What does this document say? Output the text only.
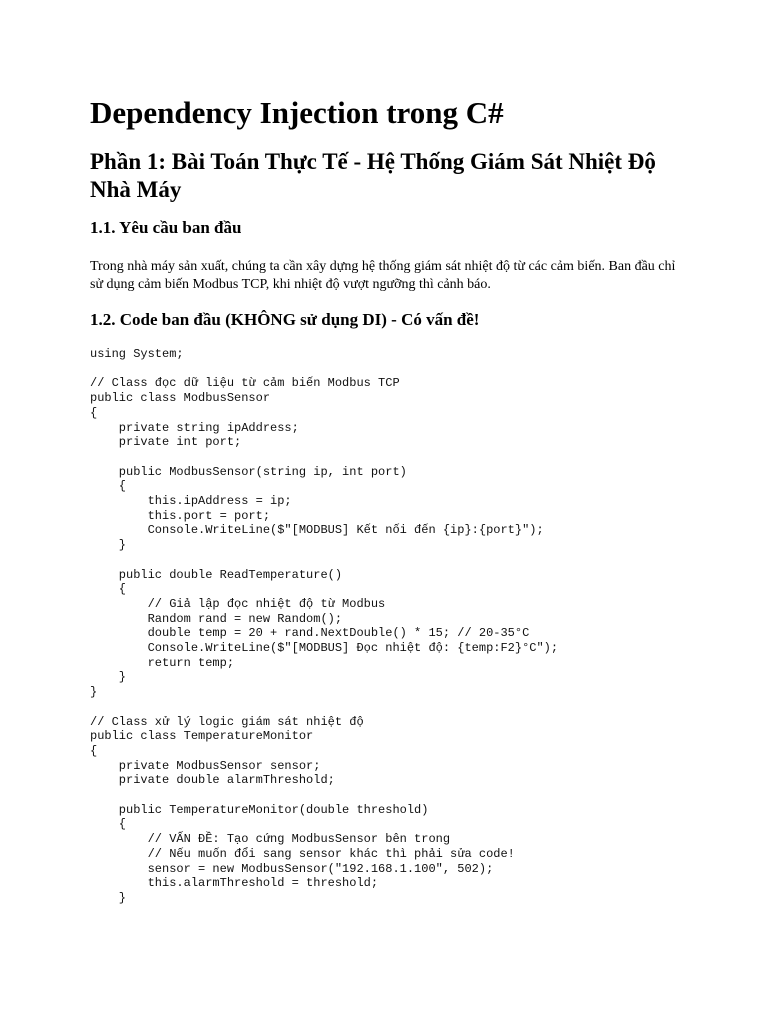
Dependency Injection trong C#
Phần 1: Bài Toán Thực Tế - Hệ Thống Giám Sát Nhiệt Độ Nhà Máy
1.1. Yêu cầu ban đầu

Trong nhà máy sản xuất, chúng ta cần xây dựng hệ thống giám sát nhiệt độ từ các cảm biến. Ban đầu chỉ sử dụng cảm biến Modbus TCP, khi nhiệt độ vượt ngưỡng thì cảnh báo.

1.2. Code ban đầu (KHÔNG sử dụng DI) - Có vấn đề!
using System;
// Class đọc dữ liệu từ cảm biến Modbus TCP
public class ModbusSensor
{
private string ipAddress;
private int port;
public ModbusSensor(string ip, int port)
{
this.ipAddress = ip;
this.port = port;
Console.WriteLine($"[MODBUS] Kết nối đến {ip}:{port}");
}
public double ReadTemperature()
{
// Giả lập đọc nhiệt độ từ Modbus
Random rand = new Random();
double temp = 20 + rand.NextDouble() * 15; // 20-35°C
Console.WriteLine($"[MODBUS] Đọc nhiệt độ: {temp:F2}°C");
return temp;
}
}
// Class xử lý logic giám sát nhiệt độ
public class TemperatureMonitor
{
private ModbusSensor sensor;
private double alarmThreshold;
public TemperatureMonitor(double threshold)
{
// VẤN ĐỀ: Tạo cứng ModbusSensor bên trong
// Nếu muốn đổi sang sensor khác thì phải sửa code!
sensor = new ModbusSensor("192.168.1.100", 502);
this.alarmThreshold = threshold;
}
